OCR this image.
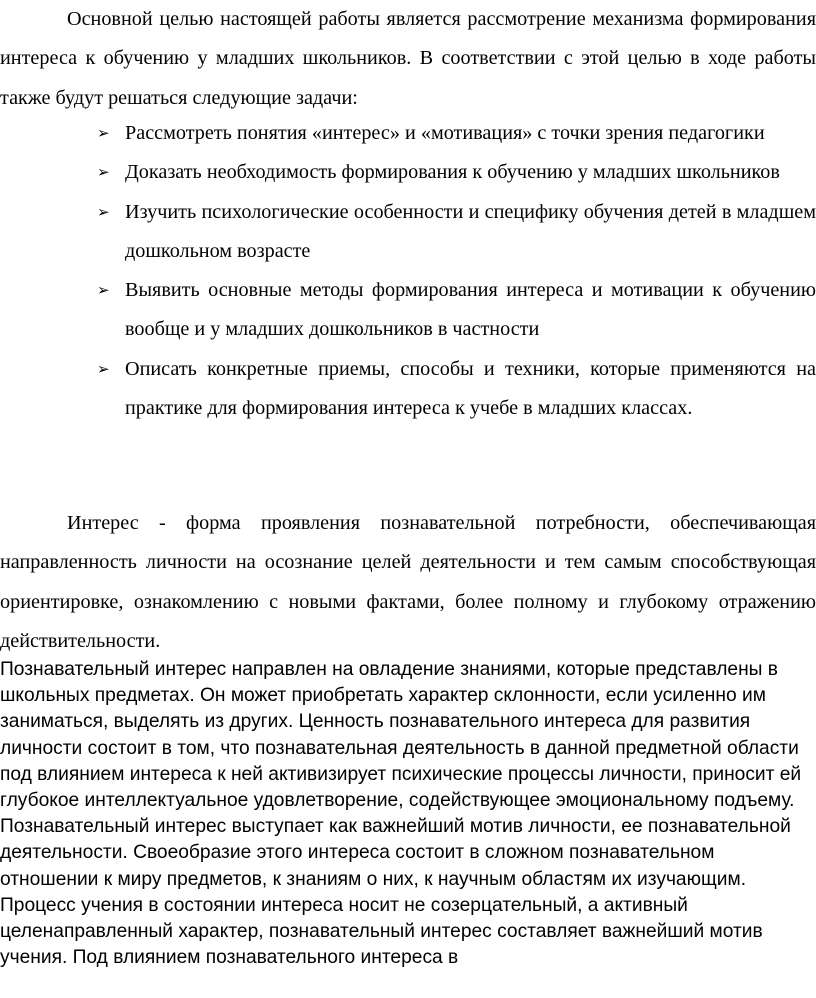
Основной целью настоящей работы является рассмотрение механизма формирования интереса к обучению у младших школьников. В соответствии с этой целью в ходе работы также будут решаться следующие задачи:

➢ Рассмотреть понятия «интерес» и «мотивация» с точки зрения педагогики
➢ Доказать необходимость формирования к обучению у младших школьников
➢ Изучить психологические особенности и специфику обучения детей в младшем дошкольном возрасте
➢ Выявить основные методы формирования интереса и мотивации к обучению вообще и у младших дошкольников в частности
➢ Описать конкретные приемы, способы и техники, которые применяются на практике для формирования интереса к учебе в младших классах.

Интерес - форма проявления познавательной потребности, обеспечивающая направленность личности на осознание целей деятельности и тем самым способствующая ориентировке, ознакомлению с новыми фактами, более полному и глубокому отражению действительности.

Познавательный интерес направлен на овладение знаниями, которые представлены в школьных предметах. Он может приобретать характер склонности, если усиленно им заниматься, выделять из других. Ценность познавательного интереса для развития личности состоит в том, что познавательная деятельность в данной предметной области под влиянием интереса к ней активизирует психические процессы личности, приносит ей глубокое интеллектуальное удовлетворение, содействующее эмоциональному подъему. Познавательный интерес выступает как важнейший мотив личности, ее познавательной деятельности. Своеобразие этого интереса состоит в сложном познавательном отношении к миру предметов, к знаниям о них, к научным областям их изучающим. Процесс учения в состоянии интереса носит не созерцательный, а активный целенаправленный характер, познавательный интерес составляет важнейший мотив учения. Под влиянием познавательного интереса в
